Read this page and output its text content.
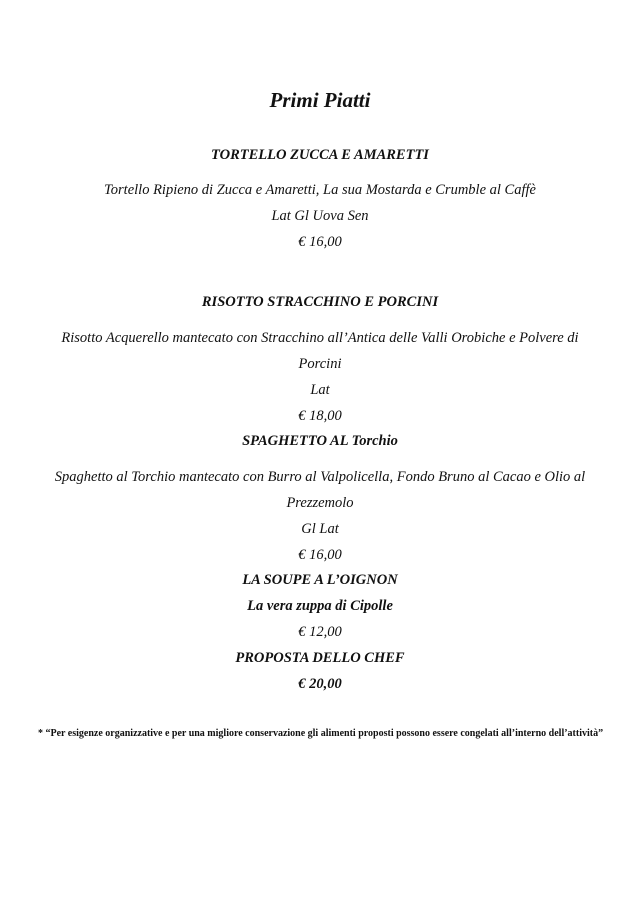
Primi Piatti
TORTELLO ZUCCA E AMARETTI
Tortello Ripieno di Zucca e Amaretti, La sua Mostarda e Crumble al Caffè
Lat Gl Uova Sen
€ 16,00
RISOTTO STRACCHINO E PORCINI
Risotto Acquerello mantecato con Stracchino all’Antica delle Valli Orobiche e Polvere di
Porcini
Lat
€ 18,00
SPAGHETTO AL Torchio
Spaghetto al Torchio mantecato con Burro al Valpolicella, Fondo Bruno al Cacao e Olio al
Prezzemolo
Gl Lat
€ 16,00
LA SOUPE A L’OIGNON
La vera zuppa di Cipolle
€ 12,00
PROPOSTA DELLO CHEF
€ 20,00
* “Per esigenze organizzative e per una migliore conservazione gli alimenti proposti possono essere congelati all’interno dell’attività”
